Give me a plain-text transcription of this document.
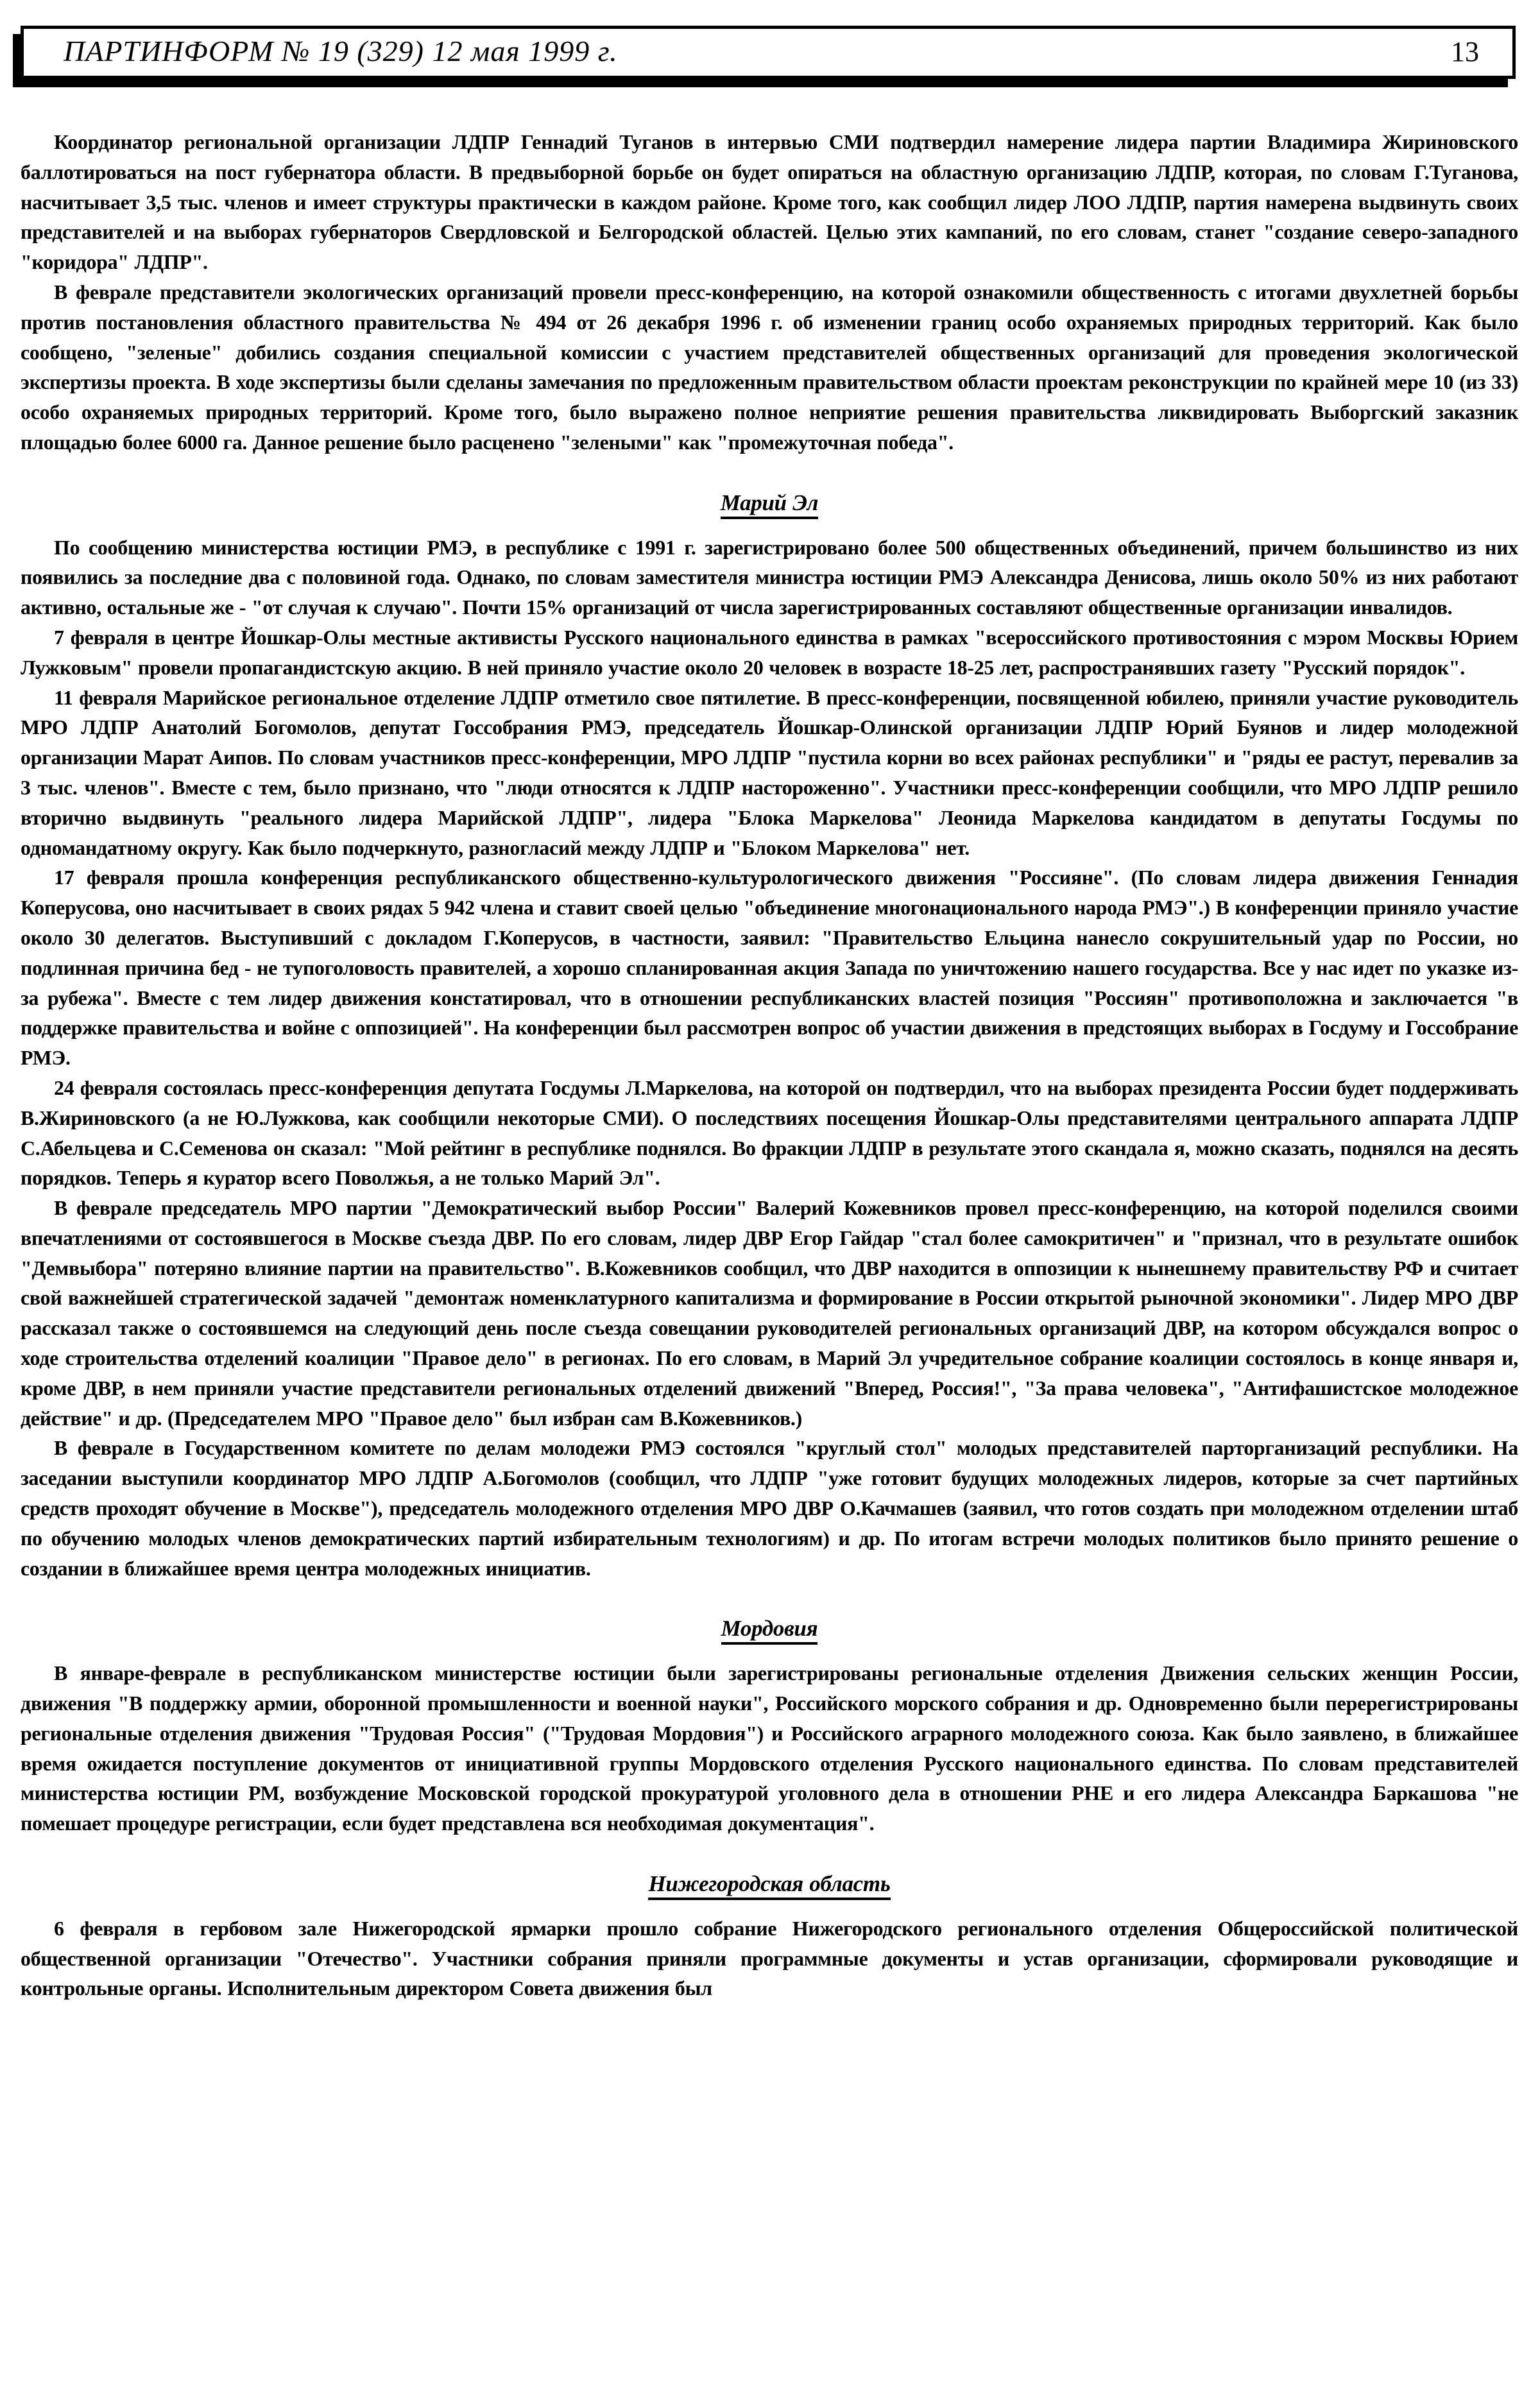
ПАРТИНФОРМ № 19 (329) 12 мая 1999 г.	13

Координатор региональной организации ЛДПР Геннадий Туганов в интервью СМИ подтвердил намерение лидера партии Владимира Жириновского баллотироваться на пост губернатора области. В предвыборной борьбе он будет опираться на областную организацию ЛДПР, которая, по словам Г.Туганова, насчитывает 3,5 тыс. членов и имеет структуры практически в каждом районе. Кроме того, как сообщил лидер ЛОО ЛДПР, партия намерена выдвинуть своих представителей и на выборах губернаторов Свердловской и Белгородской областей. Целью этих кампаний, по его словам, станет "создание северо-западного "коридора" ЛДПР".

В феврале представители экологических организаций провели пресс-конференцию, на которой ознакомили общественность с итогами двухлетней борьбы против постановления областного правительства № 494 от 26 декабря 1996 г. об изменении границ особо охраняемых природных территорий. Как было сообщено, "зеленые" добились создания специальной комиссии с участием представителей общественных организаций для проведения экологической экспертизы проекта. В ходе экспертизы были сделаны замечания по предложенным правительством области проектам реконструкции по крайней мере 10 (из 33) особо охраняемых природных территорий. Кроме того, было выражено полное неприятие решения правительства ликвидировать Выборгский заказник площадью более 6000 га. Данное решение было расценено "зелеными" как "промежуточная победа".

Марий Эл

По сообщению министерства юстиции РМЭ, в республике с 1991 г. зарегистрировано более 500 общественных объединений, причем большинство из них появились за последние два с половиной года. Однако, по словам заместителя министра юстиции РМЭ Александра Денисова, лишь около 50% из них работают активно, остальные же - "от случая к случаю". Почти 15% организаций от числа зарегистрированных составляют общественные организации инвалидов.

7 февраля в центре Йошкар-Олы местные активисты Русского национального единства в рамках "всероссийского противостояния с мэром Москвы Юрием Лужковым" провели пропагандистскую акцию. В ней приняло участие около 20 человек в возрасте 18-25 лет, распространявших газету "Русский порядок".

11 февраля Марийское региональное отделение ЛДПР отметило свое пятилетие. В пресс-конференции, посвященной юбилею, приняли участие руководитель МРО ЛДПР Анатолий Богомолов, депутат Госсобрания РМЭ, председатель Йошкар-Олинской организации ЛДПР Юрий Буянов и лидер молодежной организации Марат Аипов. По словам участников пресс-конференции, МРО ЛДПР "пустила корни во всех районах республики" и "ряды ее растут, перевалив за 3 тыс. членов". Вместе с тем, было признано, что "люди относятся к ЛДПР настороженно". Участники пресс-конференции сообщили, что МРО ЛДПР решило вторично выдвинуть "реального лидера Марийской ЛДПР", лидера "Блока Маркелова" Леонида Маркелова кандидатом в депутаты Госдумы по одномандатному округу. Как было подчеркнуто, разногласий между ЛДПР и "Блоком Маркелова" нет.

17 февраля прошла конференция республиканского общественно-культурологического движения "Россияне". (По словам лидера движения Геннадия Коперусова, оно насчитывает в своих рядах 5 942 члена и ставит своей целью "объединение многонационального народа РМЭ".) В конференции приняло участие около 30 делегатов. Выступивший с докладом Г.Коперусов, в частности, заявил: "Правительство Ельцина нанесло сокрушительный удар по России, но подлинная причина бед - не тупоголовость правителей, а хорошо спланированная акция Запада по уничтожению нашего государства. Все у нас идет по указке из-за рубежа". Вместе с тем лидер движения констатировал, что в отношении республиканских властей позиция "Россиян" противоположна и заключается "в поддержке правительства и войне с оппозицией". На конференции был рассмотрен вопрос об участии движения в предстоящих выборах в Госдуму и Госсобрание РМЭ.

24 февраля состоялась пресс-конференция депутата Госдумы Л.Маркелова, на которой он подтвердил, что на выборах президента России будет поддерживать В.Жириновского (а не Ю.Лужкова, как сообщили некоторые СМИ). О последствиях посещения Йошкар-Олы представителями центрального аппарата ЛДПР С.Абельцева и С.Семенова он сказал: "Мой рейтинг в республике поднялся. Во фракции ЛДПР в результате этого скандала я, можно сказать, поднялся на десять порядков. Теперь я куратор всего Поволжья, а не только Марий Эл".

В феврале председатель МРО партии "Демократический выбор России" Валерий Кожевников провел пресс-конференцию, на которой поделился своими впечатлениями от состоявшегося в Москве съезда ДВР. По его словам, лидер ДВР Егор Гайдар "стал более самокритичен" и "признал, что в результате ошибок "Демвыбора" потеряно влияние партии на правительство". В.Кожевников сообщил, что ДВР находится в оппозиции к нынешнему правительству РФ и считает свой важнейшей стратегической задачей "демонтаж номенклатурного капитализма и формирование в России открытой рыночной экономики". Лидер МРО ДВР рассказал также о состоявшемся на следующий день после съезда совещании руководителей региональных организаций ДВР, на котором обсуждался вопрос о ходе строительства отделений коалиции "Правое дело" в регионах. По его словам, в Марий Эл учредительное собрание коалиции состоялось в конце января и, кроме ДВР, в нем приняли участие представители региональных отделений движений "Вперед, Россия!", "За права человека", "Антифашистское молодежное действие" и др. (Председателем МРО "Правое дело" был избран сам В.Кожевников.)

В феврале в Государственном комитете по делам молодежи РМЭ состоялся "круглый стол" молодых представителей парторганизаций республики. На заседании выступили координатор МРО ЛДПР А.Богомолов (сообщил, что ЛДПР "уже готовит будущих молодежных лидеров, которые за счет партийных средств проходят обучение в Москве"), председатель молодежного отделения МРО ДВР О.Качмашев (заявил, что готов создать при молодежном отделении штаб по обучению молодых членов демократических партий избирательным технологиям) и др. По итогам встречи молодых политиков было принято решение о создании в ближайшее время центра молодежных инициатив.

Мордовия

В январе-феврале в республиканском министерстве юстиции были зарегистрированы региональные отделения Движения сельских женщин России, движения "В поддержку армии, оборонной промышленности и военной науки", Российского морского собрания и др. Одновременно были перерегистрированы региональные отделения движения "Трудовая Россия" ("Трудовая Мордовия") и Российского аграрного молодежного союза. Как было заявлено, в ближайшее время ожидается поступление документов от инициативной группы Мордовского отделения Русского национального единства. По словам представителей министерства юстиции РМ, возбуждение Московской городской прокуратурой уголовного дела в отношении РНЕ и его лидера Александра Баркашова "не помешает процедуре регистрации, если будет представлена вся необходимая документация".

Нижегородская область

6 февраля в гербовом зале Нижегородской ярмарки прошло собрание Нижегородского регионального отделения Общероссийской политической общественной организации "Отечество". Участники собрания приняли программные документы и устав организации, сформировали руководящие и контрольные органы. Исполнительным директором Совета движения был
